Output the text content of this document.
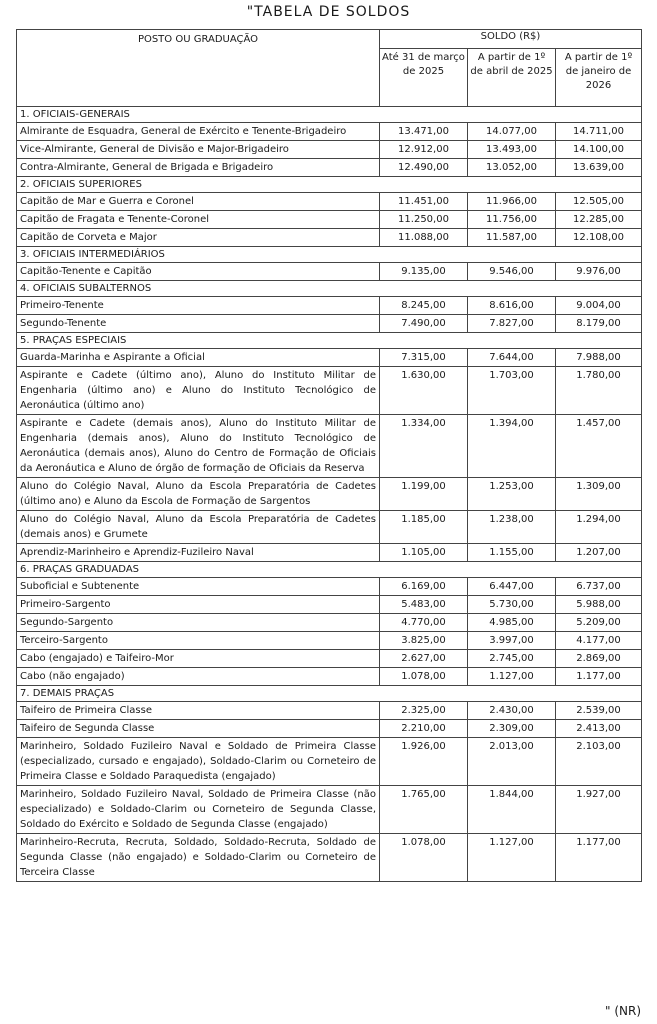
"TABELA DE SOLDOS
POSTO OU GRADUAÇÃO	SOLDO (R$)		
	Até 31 de março de 2025	A partir de 1º de abril de 2025	A partir de 1º de janeiro de 2026
1. OFICIAIS-GENERAIS			
Almirante de Esquadra, General de Exército e Tenente-Brigadeiro	13.471,00	14.077,00	14.711,00
Vice-Almirante, General de Divisão e Major-Brigadeiro	12.912,00	13.493,00	14.100,00
Contra-Almirante, General de Brigada e Brigadeiro	12.490,00	13.052,00	13.639,00
2. OFICIAIS SUPERIORES			
Capitão de Mar e Guerra e Coronel	11.451,00	11.966,00	12.505,00
Capitão de Fragata e Tenente-Coronel	11.250,00	11.756,00	12.285,00
Capitão de Corveta e Major	11.088,00	11.587,00	12.108,00
3. OFICIAIS INTERMEDIÁRIOS			
Capitão-Tenente e Capitão	9.135,00	9.546,00	9.976,00
4. OFICIAIS SUBALTERNOS			
Primeiro-Tenente	8.245,00	8.616,00	9.004,00
Segundo-Tenente	7.490,00	7.827,00	8.179,00
5. PRAÇAS ESPECIAIS			
Guarda-Marinha e Aspirante a Oficial	7.315,00	7.644,00	7.988,00
Aspirante e Cadete (último ano), Aluno do Instituto Militar de Engenharia (último ano) e Aluno do Instituto Tecnológico de Aeronáutica (último ano)	1.630,00	1.703,00	1.780,00
Aspirante e Cadete (demais anos), Aluno do Instituto Militar de Engenharia (demais anos), Aluno do Instituto Tecnológico de Aeronáutica (demais anos), Aluno do Centro de Formação de Oficiais da Aeronáutica e Aluno de órgão de formação de Oficiais da Reserva	1.334,00	1.394,00	1.457,00
Aluno do Colégio Naval, Aluno da Escola Preparatória de Cadetes (último ano) e Aluno da Escola de Formação de Sargentos	1.199,00	1.253,00	1.309,00
Aluno do Colégio Naval, Aluno da Escola Preparatória de Cadetes (demais anos) e Grumete	1.185,00	1.238,00	1.294,00
Aprendiz-Marinheiro e Aprendiz-Fuzileiro Naval	1.105,00	1.155,00	1.207,00
6. PRAÇAS GRADUADAS			
Suboficial e Subtenente	6.169,00	6.447,00	6.737,00
Primeiro-Sargento	5.483,00	5.730,00	5.988,00
Segundo-Sargento	4.770,00	4.985,00	5.209,00
Terceiro-Sargento	3.825,00	3.997,00	4.177,00
Cabo (engajado) e Taifeiro-Mor	2.627,00	2.745,00	2.869,00
Cabo (não engajado)	1.078,00	1.127,00	1.177,00
7. DEMAIS PRAÇAS			
Taifeiro de Primeira Classe	2.325,00	2.430,00	2.539,00
Taifeiro de Segunda Classe	2.210,00	2.309,00	2.413,00
Marinheiro, Soldado Fuzileiro Naval e Soldado de Primeira Classe (especializado, cursado e engajado), Soldado-Clarim ou Corneteiro de Primeira Classe e Soldado Paraquedista (engajado)	1.926,00	2.013,00	2.103,00
Marinheiro, Soldado Fuzileiro Naval, Soldado de Primeira Classe (não especializado) e Soldado-Clarim ou Corneteiro de Segunda Classe, Soldado do Exército e Soldado de Segunda Classe (engajado)	1.765,00	1.844,00	1.927,00
Marinheiro-Recruta, Recruta, Soldado, Soldado-Recruta, Soldado de Segunda Classe (não engajado) e Soldado-Clarim ou Corneteiro de Terceira Classe	1.078,00	1.127,00	1.177,00
" (NR)
